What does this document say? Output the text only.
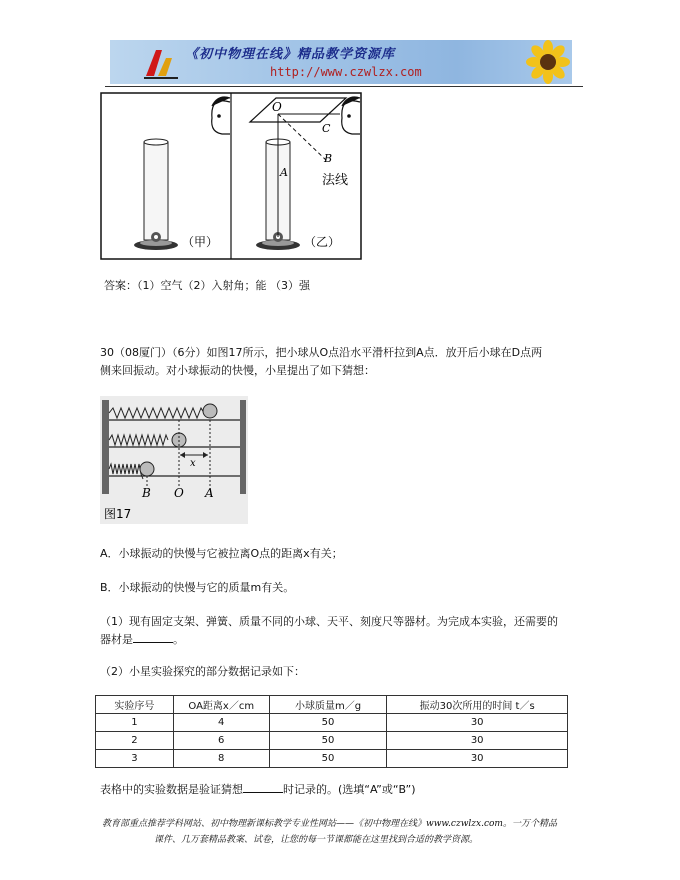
《初中物理在线》精品教学资源库
http://www.czwlzx.com
（甲）
O
A
B
C
法线
（乙）
答案：（1）空气（2）入射角；能 （3）强
30（08厦门）（6分）如图17所示，把小球从O点沿水平滑杆拉到A点．放开后小球在D点两
侧来回振动。对小球振动的快慢，小星提出了如下猜想：
x
B O A
图17
A．小球振动的快慢与它被拉离O点的距离x有关；
B．小球振动的快慢与它的质量m有关。
（1）现有固定支架、弹簧、质量不同的小球、天平、刻度尺等器材。为完成本实验，还需要的
器材是	。
（2）小星实验探究的部分数据记录如下：
实验序号	OA距离x／cm	小球质量m／g	振动30次所用的时间 t／s
1	4	50	30
2	6	50	30
3	8	50	30
表格中的实验数据是验证猜想	时记录的。(选填“A”或“B”)
教育部重点推荐学科网站、初中物理新课标教学专业性网站——《初中物理在线》www.czwlzx.com。一万个精品
课件、几万套精品教案、试卷，让您的每一节课都能在这里找到合适的教学资源。
